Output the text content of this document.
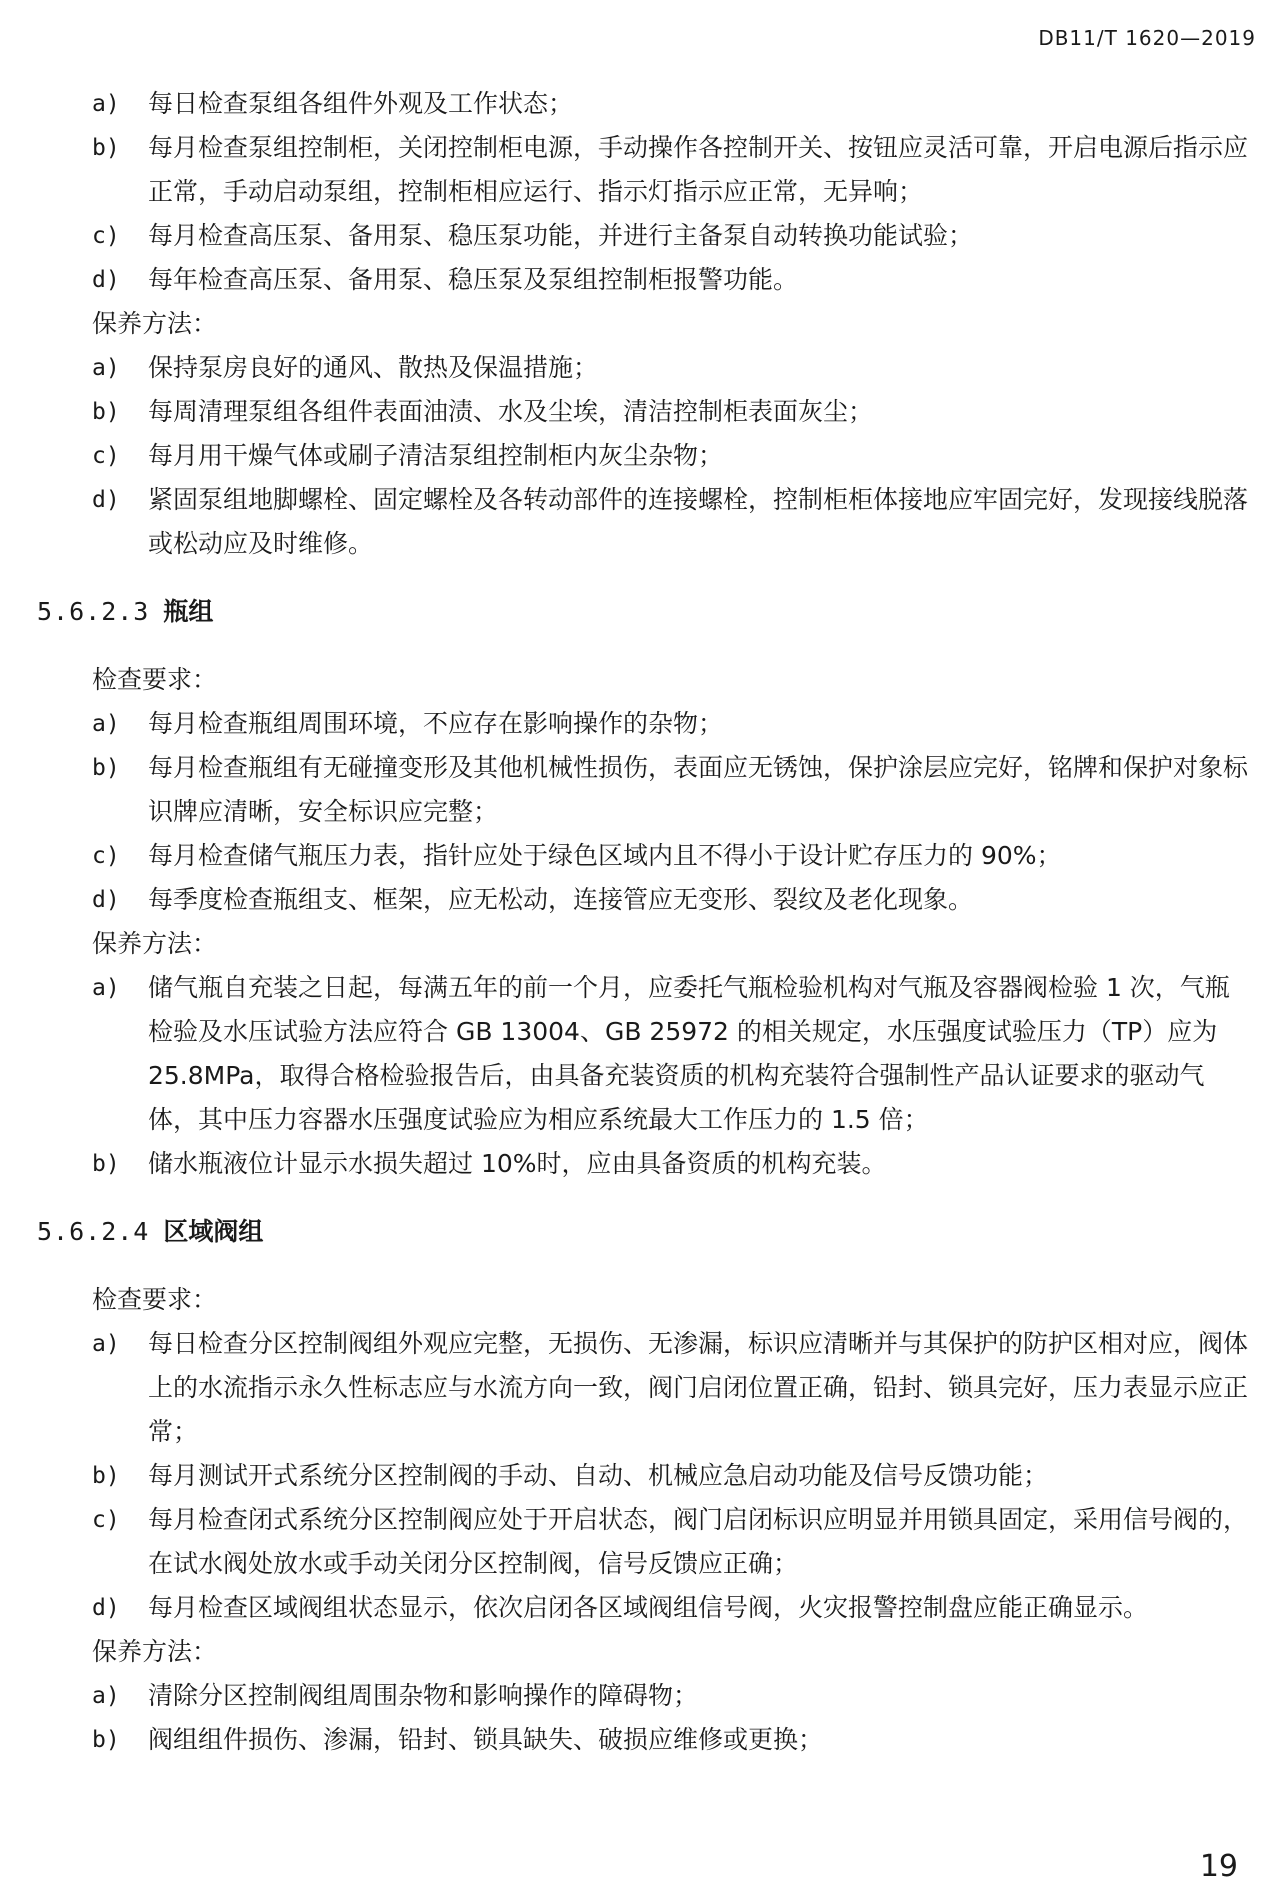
DB11/T 1620—2019
a)	每日检查泵组各组件外观及工作状态；
b)	每月检查泵组控制柜，关闭控制柜电源，手动操作各控制开关、按钮应灵活可靠，开启电源后指示应正常，手动启动泵组，控制柜相应运行、指示灯指示应正常，无异响；
c)	每月检查高压泵、备用泵、稳压泵功能，并进行主备泵自动转换功能试验；
d)	每年检查高压泵、备用泵、稳压泵及泵组控制柜报警功能。
保养方法：
a)	保持泵房良好的通风、散热及保温措施；
b)	每周清理泵组各组件表面油渍、水及尘埃，清洁控制柜表面灰尘；
c)	每月用干燥气体或刷子清洁泵组控制柜内灰尘杂物；
d)	紧固泵组地脚螺栓、固定螺栓及各转动部件的连接螺栓，控制柜柜体接地应牢固完好，发现接线脱落或松动应及时维修。
5.6.2.3 瓶组
检查要求：
a)	每月检查瓶组周围环境，不应存在影响操作的杂物；
b)	每月检查瓶组有无碰撞变形及其他机械性损伤，表面应无锈蚀，保护涂层应完好，铭牌和保护对象标识牌应清晰，安全标识应完整；
c)	每月检查储气瓶压力表，指针应处于绿色区域内且不得小于设计贮存压力的 90%；
d)	每季度检查瓶组支、框架，应无松动，连接管应无变形、裂纹及老化现象。
保养方法：
a)	储气瓶自充装之日起，每满五年的前一个月，应委托气瓶检验机构对气瓶及容器阀检验 1 次，气瓶检验及水压试验方法应符合 GB 13004、GB 25972 的相关规定，水压强度试验压力（TP）应为 25.8MPa，取得合格检验报告后，由具备充装资质的机构充装符合强制性产品认证要求的驱动气体，其中压力容器水压强度试验应为相应系统最大工作压力的 1.5 倍；
b)	储水瓶液位计显示水损失超过 10%时，应由具备资质的机构充装。
5.6.2.4 区域阀组
检查要求：
a)	每日检查分区控制阀组外观应完整，无损伤、无渗漏，标识应清晰并与其保护的防护区相对应，阀体上的水流指示永久性标志应与水流方向一致，阀门启闭位置正确，铅封、锁具完好，压力表显示应正常；
b)	每月测试开式系统分区控制阀的手动、自动、机械应急启动功能及信号反馈功能；
c)	每月检查闭式系统分区控制阀应处于开启状态，阀门启闭标识应明显并用锁具固定，采用信号阀的，在试水阀处放水或手动关闭分区控制阀，信号反馈应正确；
d)	每月检查区域阀组状态显示，依次启闭各区域阀组信号阀，火灾报警控制盘应能正确显示。
保养方法：
a)	清除分区控制阀组周围杂物和影响操作的障碍物；
b)	阀组组件损伤、渗漏，铅封、锁具缺失、破损应维修或更换；
19
